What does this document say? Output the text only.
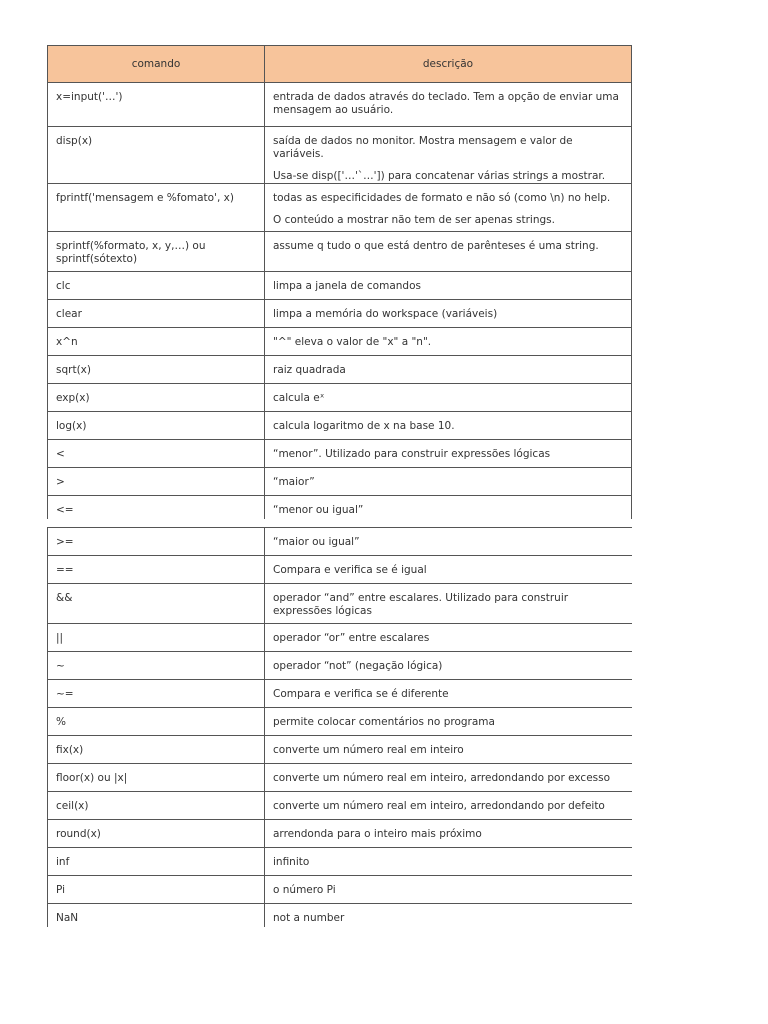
comando	descrição
x=input('…')	entrada de dados através do teclado. Tem a opção de enviar uma mensagem ao usuário.
disp(x)	saída de dados no monitor. Mostra mensagem e valor de variáveis.
Usa-se disp(['…'`…']) para concatenar várias strings a mostrar.

fprintf('mensagem e %fomato', x)	todas as especificidades de formato e não só (como \n) no help.
O conteúdo a mostrar não tem de ser apenas strings.

sprintf(%formato, x, y,…) ou sprintf(sótexto)	assume q tudo o que está dentro de parênteses é uma string.
clc	limpa a janela de comandos
clear	limpa a memória do workspace (variáveis)
x^n	"^" eleva o valor de "x" a "n".
sqrt(x)	raiz quadrada
exp(x)	calcula eˣ
log(x)	calcula logaritmo de x na base 10.
<	“menor”. Utilizado para construir expressões lógicas
>	“maior”
<=	“menor ou igual”
>=	“maior ou igual”
==	Compara e verifica se é igual
&&	operador “and” entre escalares. Utilizado para construir expressões lógicas
||	operador “or” entre escalares
~	operador “not” (negação lógica)
~=	Compara e verifica se é diferente
%	permite colocar comentários no programa
fix(x)	converte um número real em inteiro
floor(x) ou |x|	converte um número real em inteiro, arredondando por excesso
ceil(x)	converte um número real em inteiro, arredondando por defeito
round(x)	arrendonda para o inteiro mais próximo
inf	infinito
Pi	o número Pi
NaN	not a number
